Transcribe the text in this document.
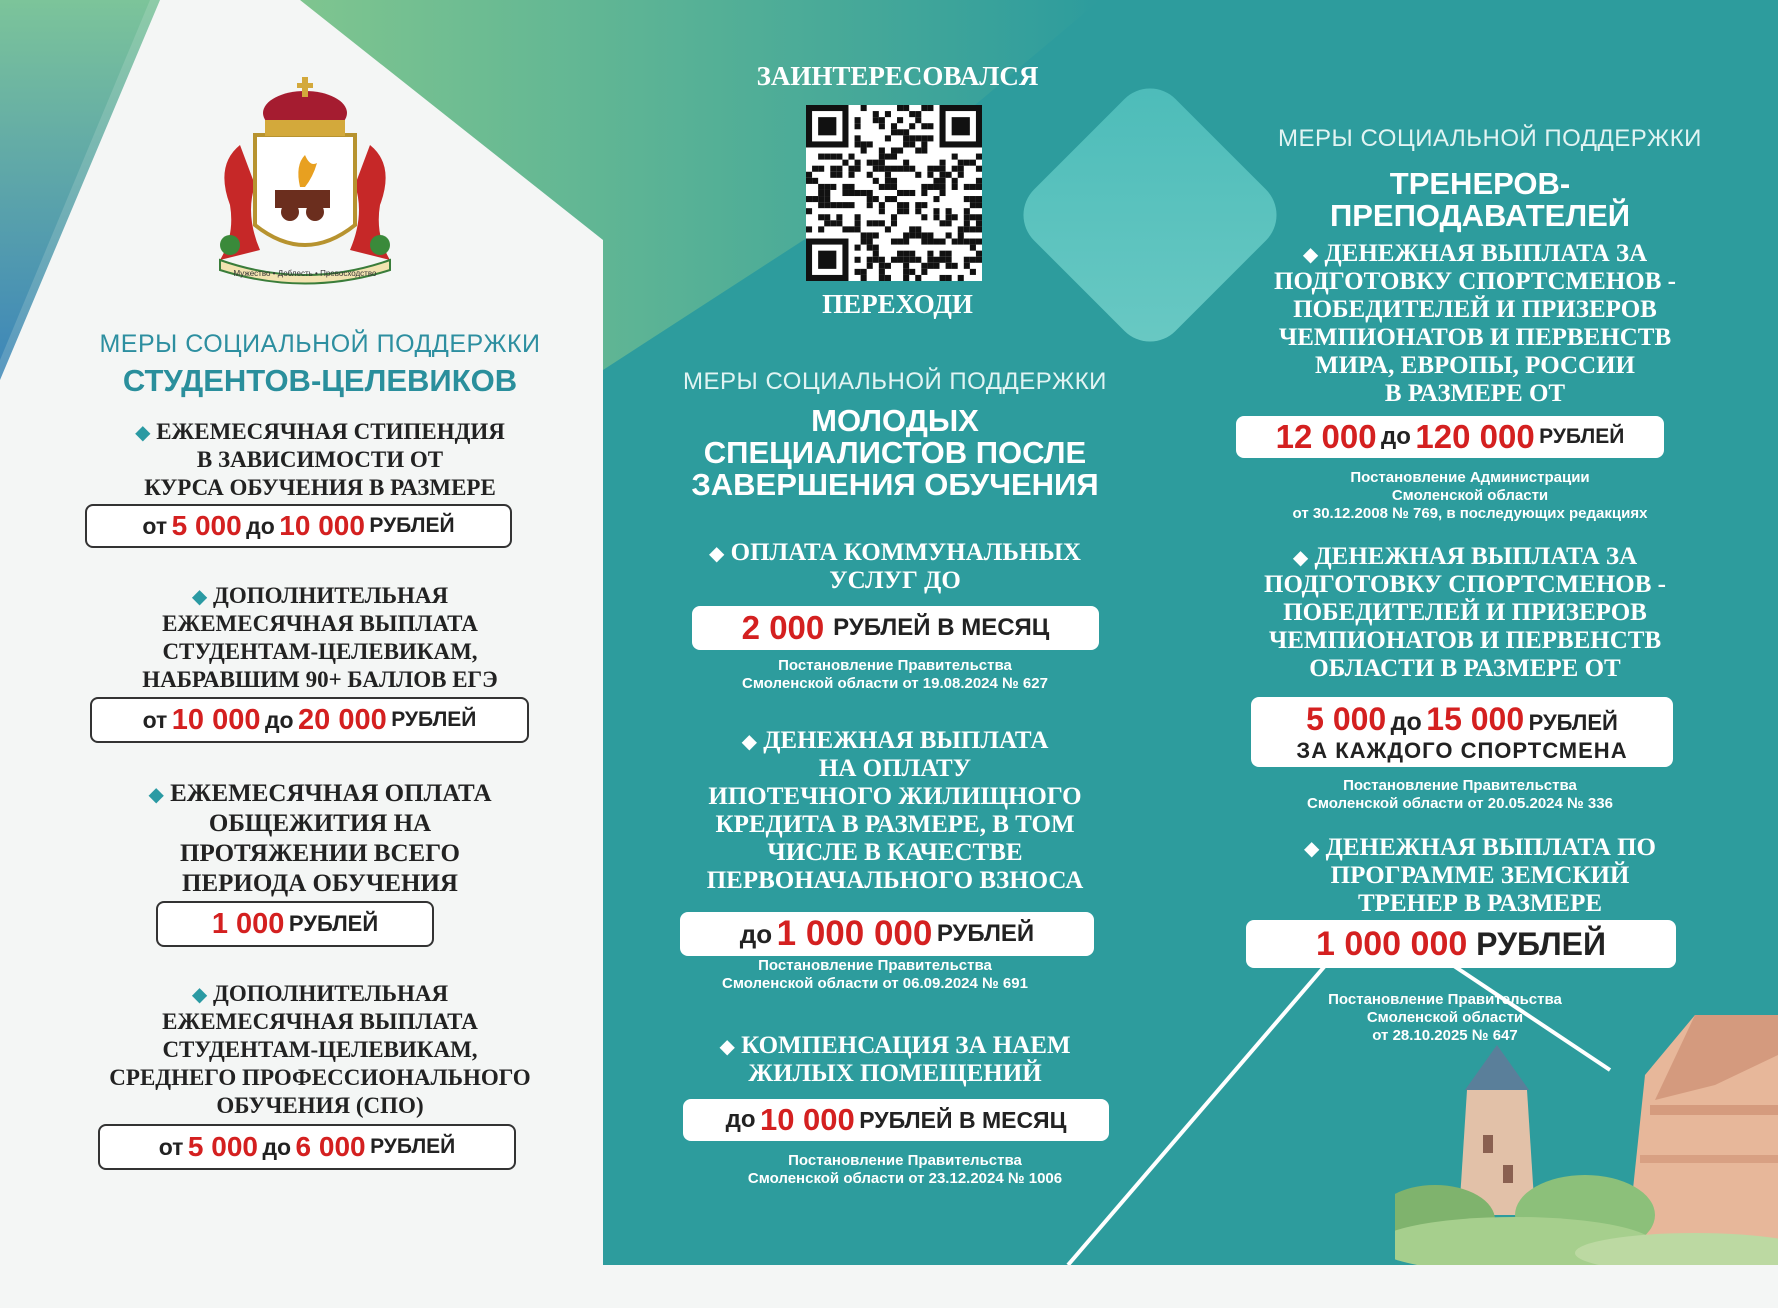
Мужество • Доблесть • Превосходство
ЗАИНТЕРЕСОВАЛСЯ
ПЕРЕХОДИ
МЕРЫ СОЦИАЛЬНОЙ ПОДДЕРЖКИ
СТУДЕНТОВ-ЦЕЛЕВИКОВ
◆ ЕЖЕМЕСЯЧНАЯ СТИПЕНДИЯ
В ЗАВИСИМОСТИ ОТ
КУРСА ОБУЧЕНИЯ В РАЗМЕРЕ
от
5 000
до
10 000
РУБЛЕЙ
◆ ДОПОЛНИТЕЛЬНАЯ
ЕЖЕМЕСЯЧНАЯ ВЫПЛАТА
СТУДЕНТАМ-ЦЕЛЕВИКАМ,
НАБРАВШИМ 90+ БАЛЛОВ ЕГЭ
от
10 000
до
20 000
РУБЛЕЙ
◆ ЕЖЕМЕСЯЧНАЯ ОПЛАТА
ОБЩЕЖИТИЯ НА
ПРОТЯЖЕНИИ ВСЕГО
ПЕРИОДА ОБУЧЕНИЯ
1 000
РУБЛЕЙ
◆ ДОПОЛНИТЕЛЬНАЯ
ЕЖЕМЕСЯЧНАЯ ВЫПЛАТА
СТУДЕНТАМ-ЦЕЛЕВИКАМ,
СРЕДНЕГО ПРОФЕССИОНАЛЬНОГО
ОБУЧЕНИЯ (СПО)
от
5 000
до
6 000
РУБЛЕЙ
МЕРЫ СОЦИАЛЬНОЙ ПОДДЕРЖКИ
МОЛОДЫХ
СПЕЦИАЛИСТОВ ПОСЛЕ
ЗАВЕРШЕНИЯ ОБУЧЕНИЯ
◆ ОПЛАТА КОММУНАЛЬНЫХ
УСЛУГ ДО
2 000
РУБЛЕЙ В МЕСЯЦ
Постановление Правительства
Смоленской области от 19.08.2024 № 627
◆ ДЕНЕЖНАЯ ВЫПЛАТА
НА ОПЛАТУ
ИПОТЕЧНОГО ЖИЛИЩНОГО
КРЕДИТА В РАЗМЕРЕ, В ТОМ
ЧИСЛЕ В КАЧЕСТВЕ
ПЕРВОНАЧАЛЬНОГО ВЗНОСА
до
1 000 000
РУБЛЕЙ
Постановление Правительства
Смоленской области от 06.09.2024 № 691
◆ КОМПЕНСАЦИЯ ЗА НАЕМ
ЖИЛЫХ ПОМЕЩЕНИЙ
до
10 000
РУБЛЕЙ В МЕСЯЦ
Постановление Правительства
Смоленской области от 23.12.2024 № 1006
МЕРЫ СОЦИАЛЬНОЙ ПОДДЕРЖКИ
ТРЕНЕРОВ-
ПРЕПОДАВАТЕЛЕЙ
◆ ДЕНЕЖНАЯ ВЫПЛАТА ЗА
ПОДГОТОВКУ СПОРТСМЕНОВ -
ПОБЕДИТЕЛЕЙ И ПРИЗЕРОВ
ЧЕМПИОНАТОВ И ПЕРВЕНСТВ
МИРА, ЕВРОПЫ, РОССИИ
В РАЗМЕРЕ ОТ
12 000
до
120 000
РУБЛЕЙ
Постановление Администрации
Смоленской области
от 30.12.2008 № 769, в последующих редакциях
◆ ДЕНЕЖНАЯ ВЫПЛАТА ЗА
ПОДГОТОВКУ СПОРТСМЕНОВ -
ПОБЕДИТЕЛЕЙ И ПРИЗЕРОВ
ЧЕМПИОНАТОВ И ПЕРВЕНСТВ
ОБЛАСТИ В РАЗМЕРЕ ОТ
5 000 до 15 000 РУБЛЕЙ
ЗА КАЖДОГО СПОРТСМЕНА
Постановление Правительства
Смоленской области от 20.05.2024 № 336
◆ ДЕНЕЖНАЯ ВЫПЛАТА ПО
ПРОГРАММЕ ЗЕМСКИЙ
ТРЕНЕР В РАЗМЕРЕ
1 000 000
РУБЛЕЙ
Постановление Правительства
Смоленской области
от 28.10.2025 № 647
